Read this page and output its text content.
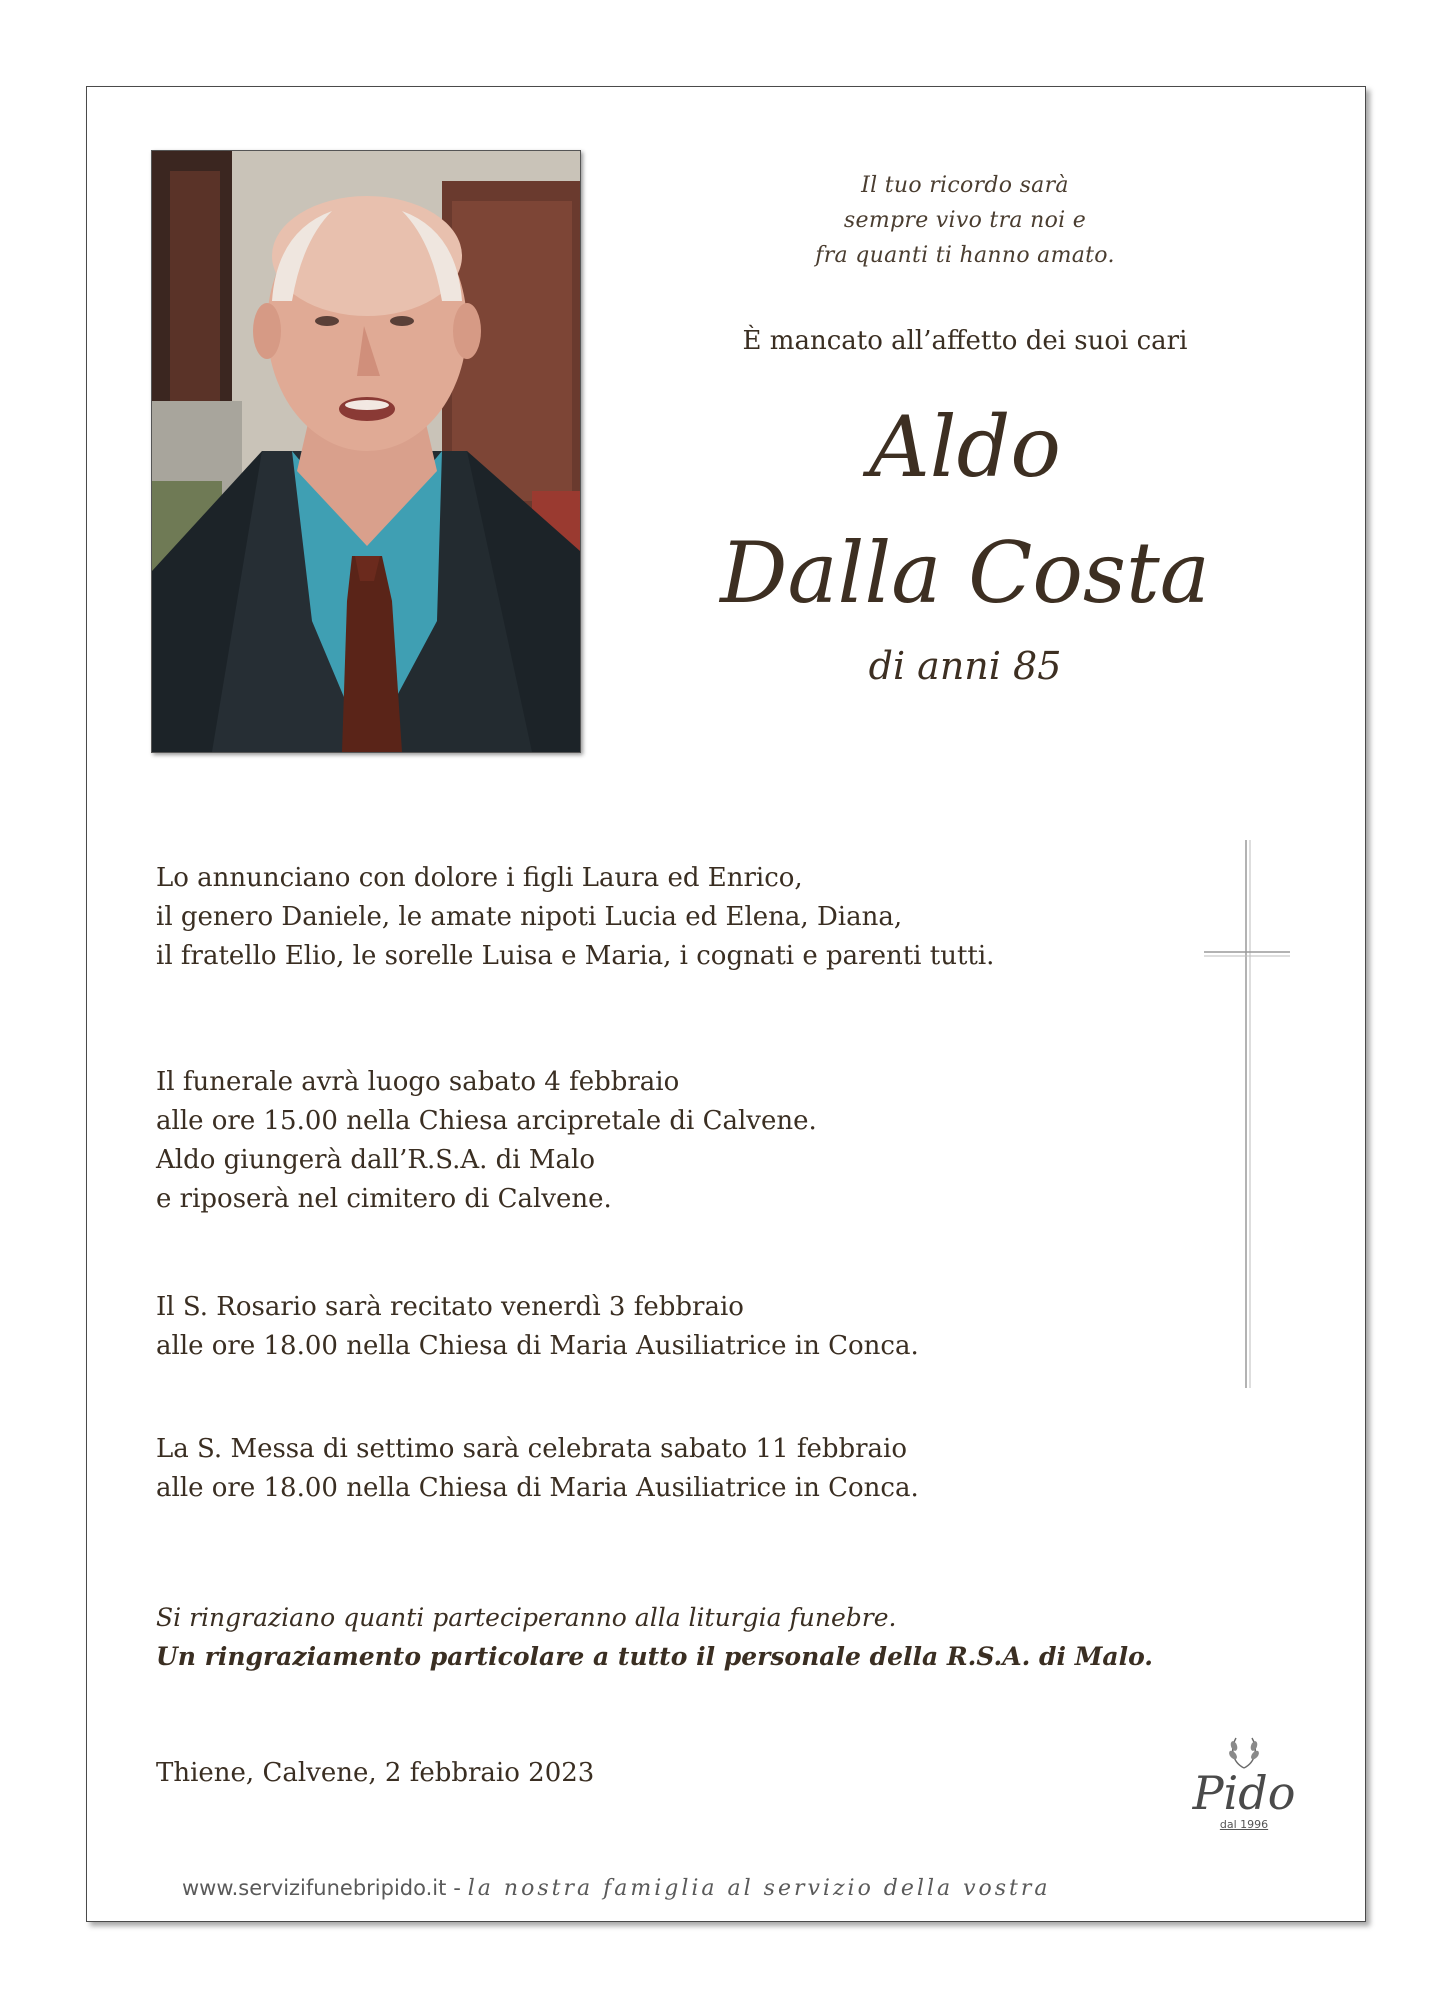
Il tuo ricordo sarà
sempre vivo tra noi e
fra quanti ti hanno amato.
È mancato all’affetto dei suoi cari
Aldo
Dalla Costa
di anni 85
Lo annunciano con dolore i figli Laura ed Enrico,
il genero Daniele, le amate nipoti Lucia ed Elena, Diana,
il fratello Elio, le sorelle Luisa e Maria, i cognati e parenti tutti.
Il funerale avrà luogo sabato 4 febbraio
alle ore 15.00 nella Chiesa arcipretale di Calvene.
Aldo giungerà dall’R.S.A. di Malo
e riposerà nel cimitero di Calvene.
Il S. Rosario sarà recitato venerdì 3 febbraio
alle ore 18.00 nella Chiesa di Maria Ausiliatrice in Conca.
La S. Messa di settimo sarà celebrata sabato 11 febbraio
alle ore 18.00 nella Chiesa di Maria Ausiliatrice in Conca.
Si ringraziano quanti parteciperanno alla liturgia funebre.
Un ringraziamento particolare a tutto il personale della R.S.A. di Malo.
Thiene, Calvene, 2 febbraio 2023	Pido
dal 1996
www.servizifunebripido.it - la nostra famiglia al servizio della vostra
